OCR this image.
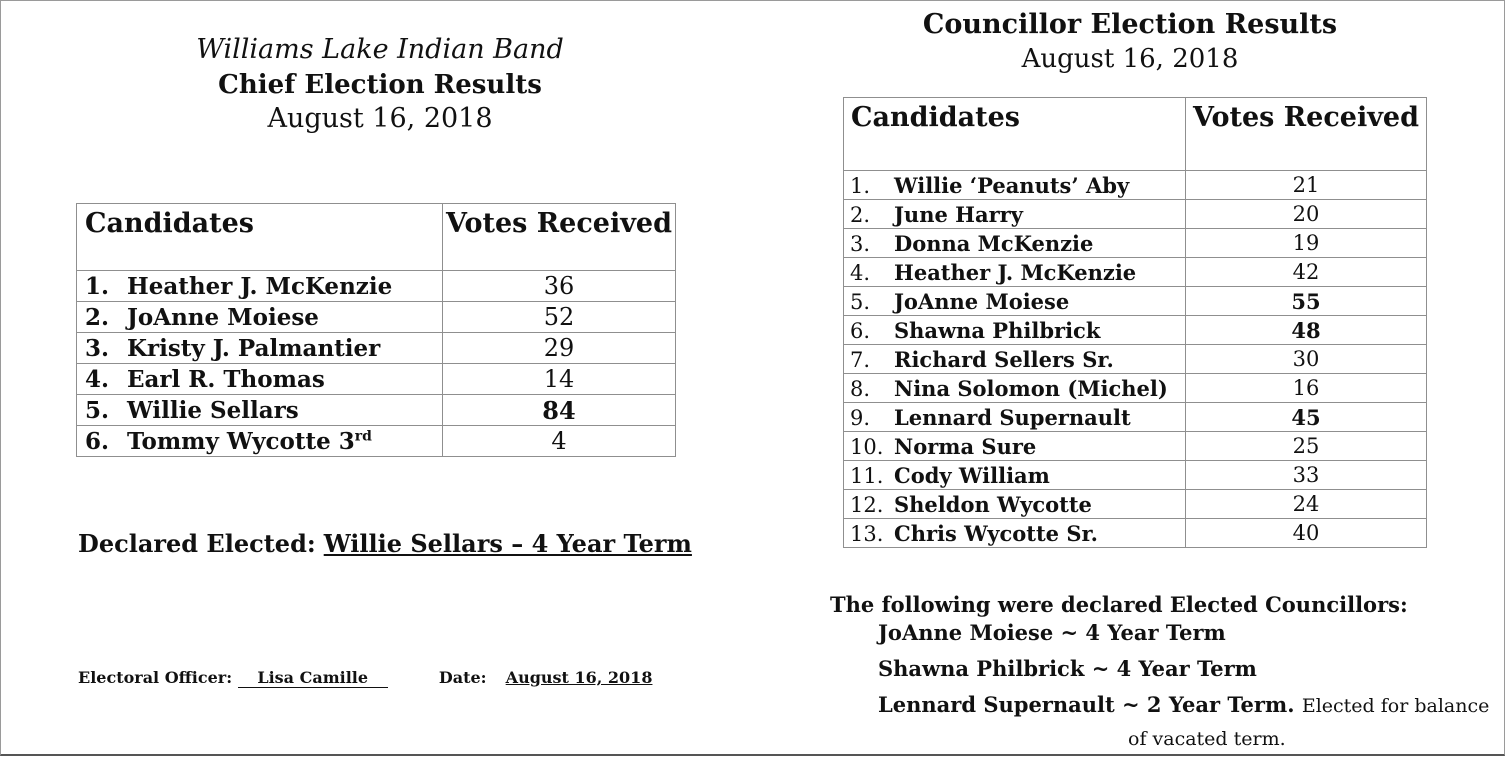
Williams Lake Indian Band
Chief Election Results
August 16, 2018
Candidates	Votes Received
1. Heather J. McKenzie	36
2. JoAnne Moiese	52
3. Kristy J. Palmantier	29
4. Earl R. Thomas	14
5. Willie Sellars	84
6. Tommy Wycotte 3rd	4
Declared Elected: Willie Sellars – 4 Year Term
Electoral Officer: Lisa Camille	Date: August 16, 2018
Councillor Election Results
August 16, 2018
Candidates	Votes Received
1. Willie ‘Peanuts’ Aby	21
2. June Harry	20
3. Donna McKenzie	19
4. Heather J. McKenzie	42
5. JoAnne Moiese	55
6. Shawna Philbrick	48
7. Richard Sellers Sr.	30
8. Nina Solomon (Michel)	16
9. Lennard Supernault	45
10. Norma Sure	25
11. Cody William	33
12. Sheldon Wycotte	24
13. Chris Wycotte Sr.	40
The following were declared Elected Councillors:
JoAnne Moiese ~ 4 Year Term
Shawna Philbrick ~ 4 Year Term
Lennard Supernault ~ 2 Year Term. Elected for balance
of vacated term.
